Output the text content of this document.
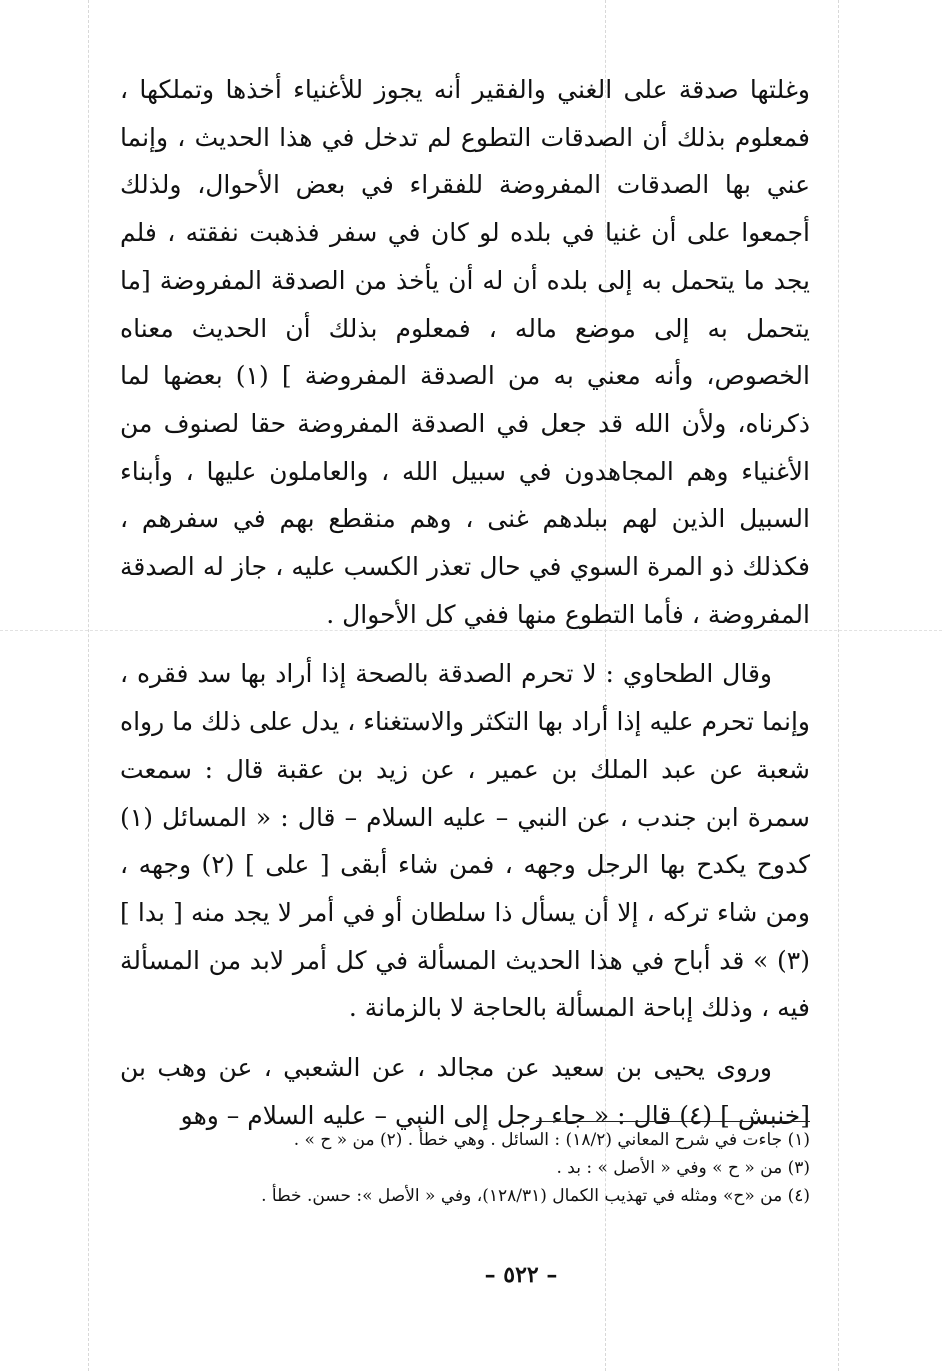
وغلتها صدقة على الغني والفقير أنه يجوز للأغنياء أخذها وتملكها ، فمعلوم بذلك أن الصدقات التطوع لم تدخل في هذا الحديث ، وإنما عني بها الصدقات المفروضة للفقراء في بعض الأحوال، ولذلك أجمعوا على أن غنيا في بلده لو كان في سفر فذهبت نفقته ، فلم يجد ما يتحمل به إلى بلده أن له أن يأخذ من الصدقة المفروضة [ما يتحمل به إلى موضع ماله ، فمعلوم بذلك أن الحديث معناه الخصوص، وأنه معني به من الصدقة المفروضة ] (١) بعضها لما ذكرناه، ولأن الله قد جعل في الصدقة المفروضة حقا لصنوف من الأغنياء وهم المجاهدون في سبيل الله ، والعاملون عليها ، وأبناء السبيل الذين لهم ببلدهم غنى ، وهم منقطع بهم في سفرهم ، فكذلك ذو المرة السوي في حال تعذر الكسب عليه ، جاز له الصدقة المفروضة ، فأما التطوع منها ففي كل الأحوال .

وقال الطحاوي : لا تحرم الصدقة بالصحة إذا أراد بها سد فقره ، وإنما تحرم عليه إذا أراد بها التكثر والاستغناء ، يدل على ذلك ما رواه شعبة عن عبد الملك بن عمير ، عن زيد بن عقبة قال : سمعت سمرة ابن جندب ، عن النبي – عليه السلام – قال : « المسائل (١) كدوح يكدح بها الرجل وجهه ، فمن شاء أبقى [ على ] (٢) وجهه ، ومن شاء تركه ، إلا أن يسأل ذا سلطان أو في أمر لا يجد منه [ بدا ] (٣) » قد أباح في هذا الحديث المسألة في كل أمر لابد من المسألة فيه ، وذلك إباحة المسألة بالحاجة لا بالزمانة .

وروى يحيى بن سعيد عن مجالد ، عن الشعبي ، عن وهب بن [خنبش ] (٤) قال : « جاء رجل إلى النبي – عليه السلام – وهو

(١) جاءت في شرح المعاني (١٨/٢) : السائل . وهي خطأ . (٢) من « ح » .

(٣) من « ح » وفي « الأصل » : بد .

(٤) من «ح» ومثله في تهذيب الكمال (١٢٨/٣١)، وفي « الأصل »: حسن. خطأ .

– ٥٢٢ –
